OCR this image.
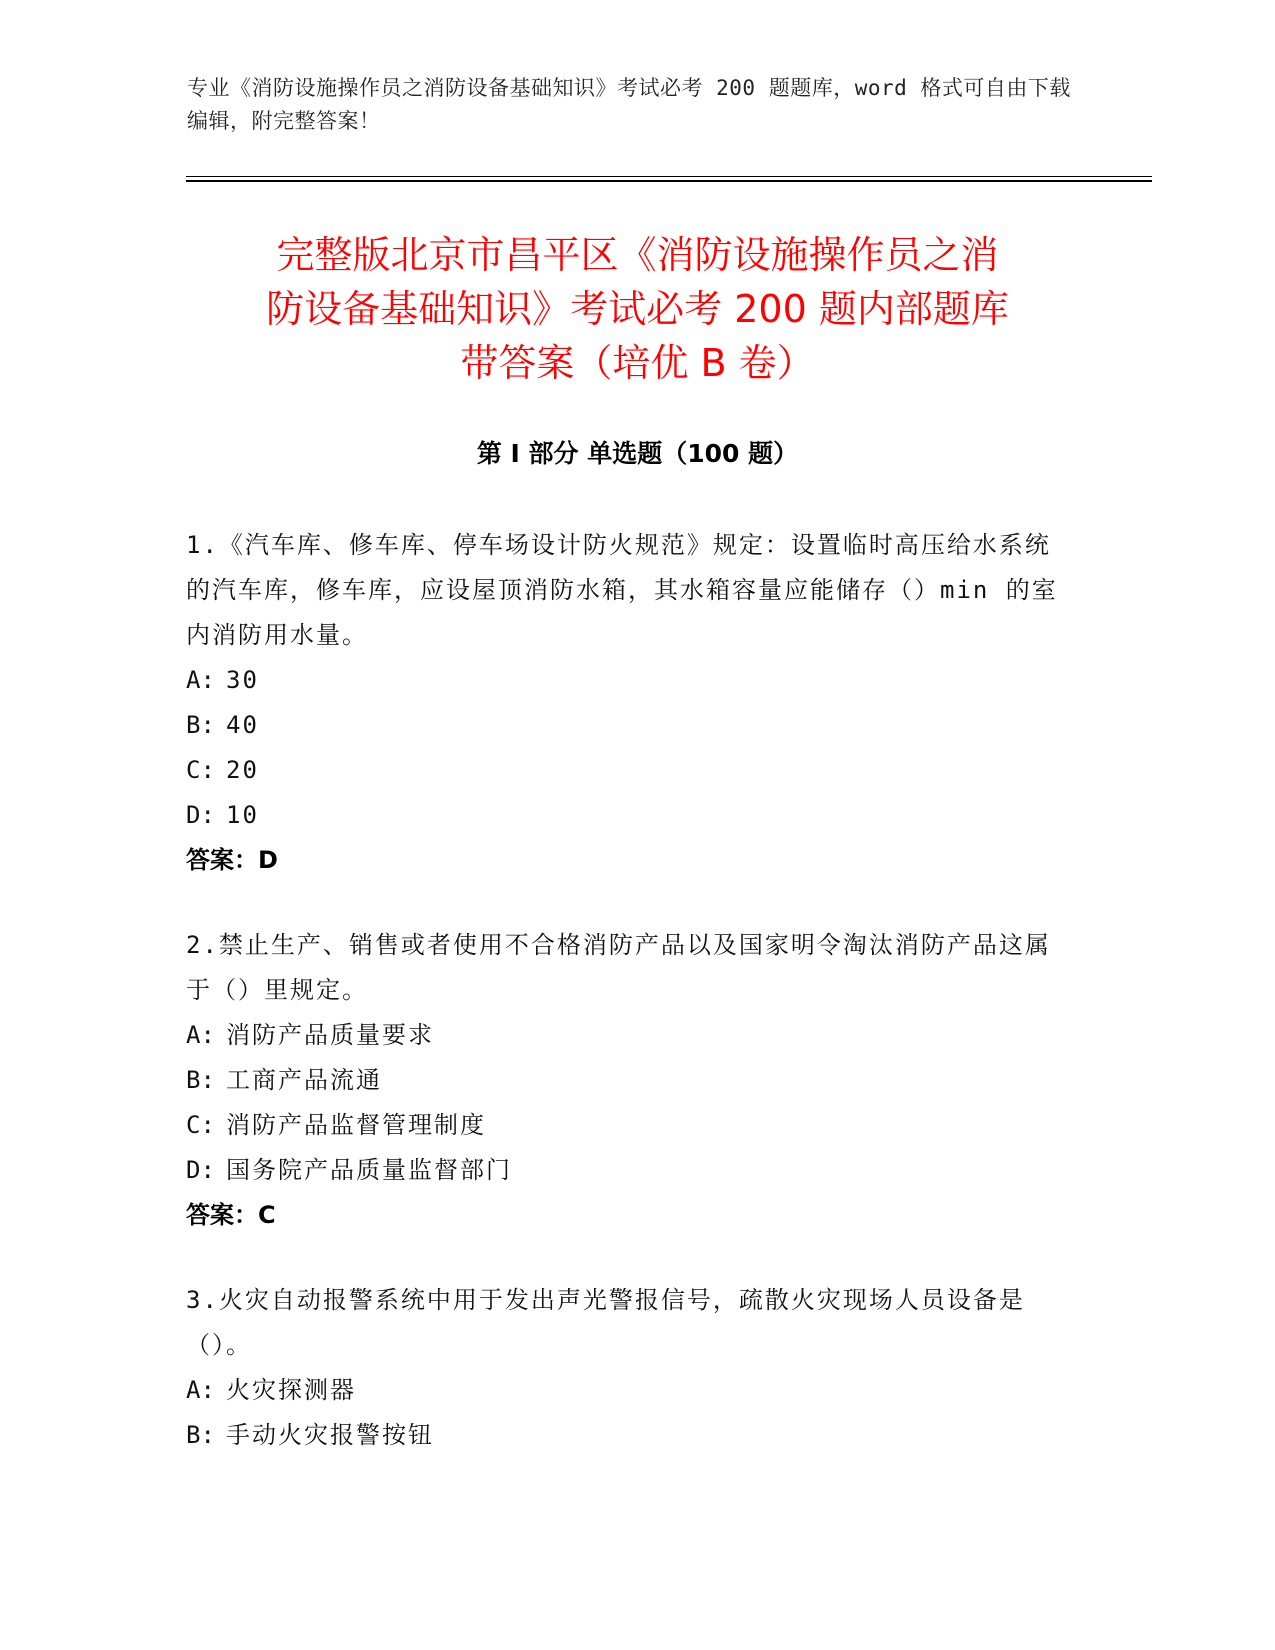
专业《消防设施操作员之消防设备基础知识》考试必考 200 题题库，word 格式可自由下载编辑，附完整答案！
完整版北京市昌平区《消防设施操作员之消
防设备基础知识》考试必考 200 题内部题库
带答案（培优 B 卷）
第 I 部分 单选题（100 题）

1.《汽车库、修车库、停车场设计防火规范》规定：设置临时高压给水系统的汽车库，修车库，应设屋顶消防水箱，其水箱容量应能储存（）min 的室内消防用水量。

A: 30

B: 40

C: 20

D: 10

答案：D

2.禁止生产、销售或者使用不合格消防产品以及国家明令淘汰消防产品这属于（）里规定。

A: 消防产品质量要求

B: 工商产品流通

C: 消防产品监督管理制度

D: 国务院产品质量监督部门

答案：C

3.火灾自动报警系统中用于发出声光警报信号，疏散火灾现场人员设备是（）。

A: 火灾探测器

B: 手动火灾报警按钮
